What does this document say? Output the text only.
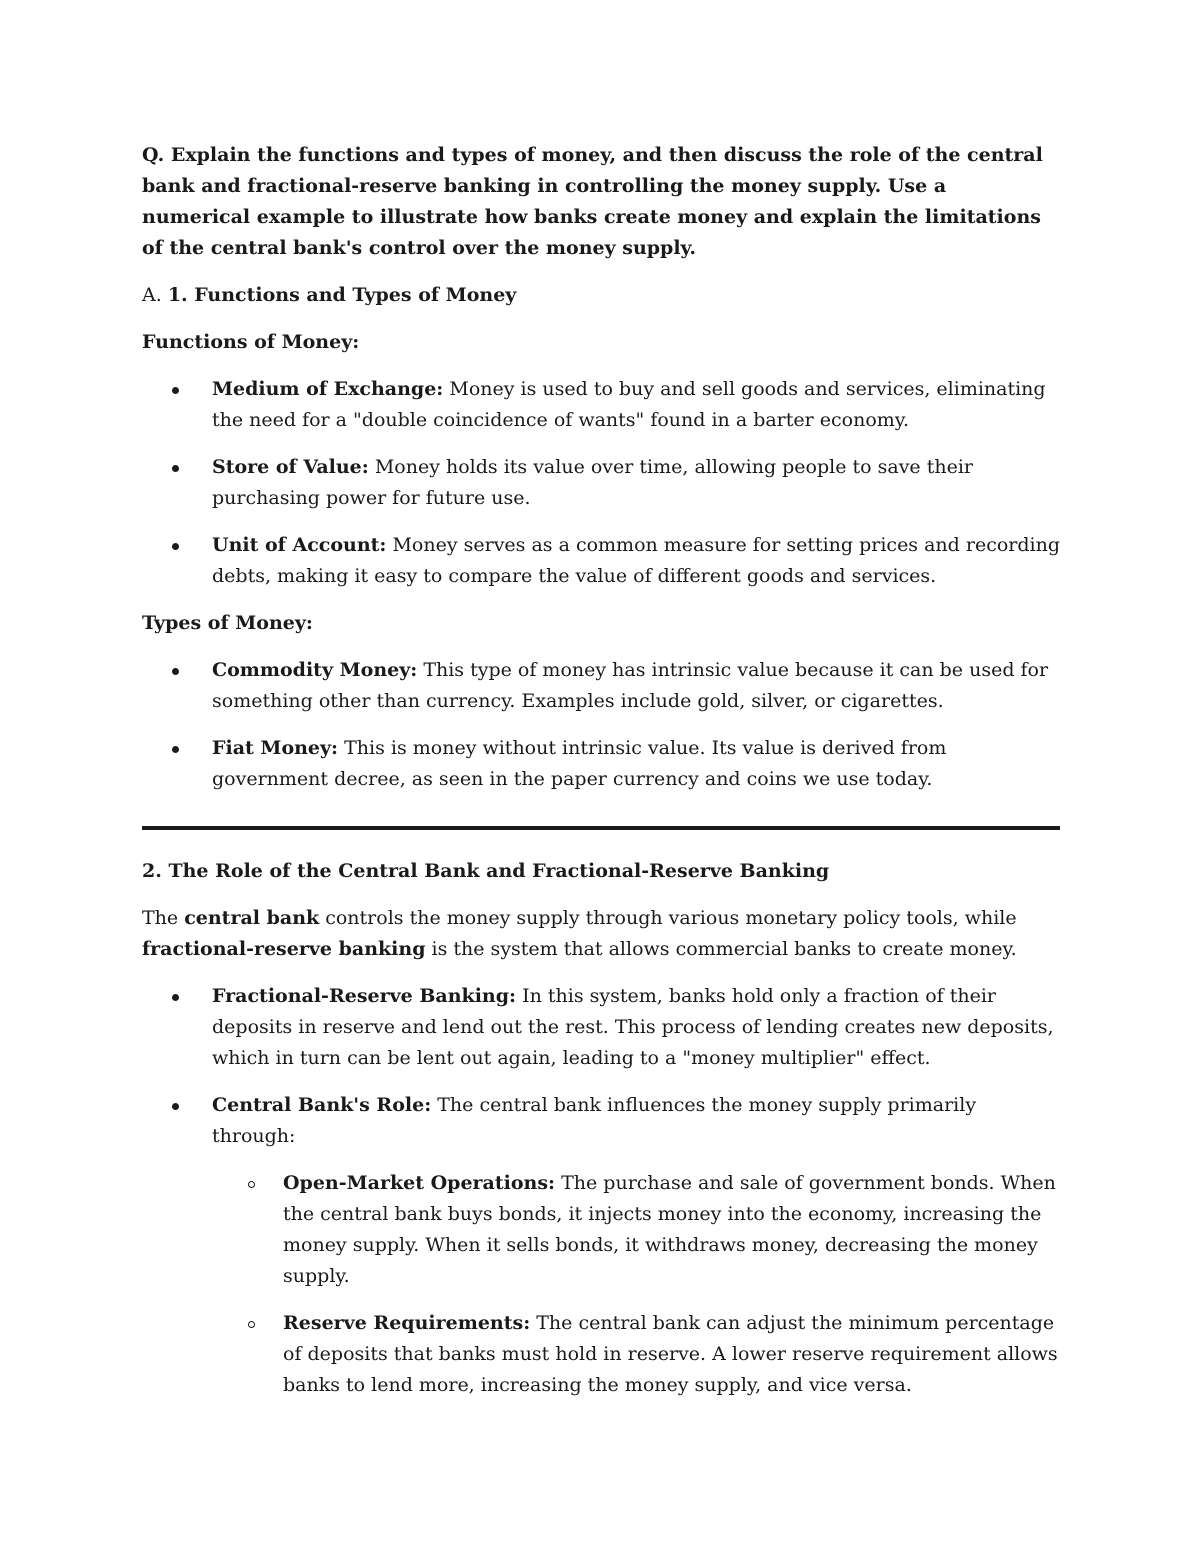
Q. Explain the functions and types of money, and then discuss the role of the central bank and fractional-reserve banking in controlling the money supply. Use a numerical example to illustrate how banks create money and explain the limitations of the central bank's control over the money supply.

A. 1. Functions and Types of Money

Functions of Money:

Medium of Exchange: Money is used to buy and sell goods and services, eliminating the need for a "double coincidence of wants" found in a barter economy.
Store of Value: Money holds its value over time, allowing people to save their purchasing power for future use.
Unit of Account: Money serves as a common measure for setting prices and recording debts, making it easy to compare the value of different goods and services.

Types of Money:

Commodity Money: This type of money has intrinsic value because it can be used for something other than currency. Examples include gold, silver, or cigarettes.
Fiat Money: This is money without intrinsic value. Its value is derived from government decree, as seen in the paper currency and coins we use today.

2. The Role of the Central Bank and Fractional-Reserve Banking

The central bank controls the money supply through various monetary policy tools, while fractional-reserve banking is the system that allows commercial banks to create money.

Fractional-Reserve Banking: In this system, banks hold only a fraction of their deposits in reserve and lend out the rest. This process of lending creates new deposits, which in turn can be lent out again, leading to a "money multiplier" effect.
Central Bank's Role: The central bank influences the money supply primarily through:
Open-Market Operations: The purchase and sale of government bonds. When the central bank buys bonds, it injects money into the economy, increasing the money supply. When it sells bonds, it withdraws money, decreasing the money supply.
Reserve Requirements: The central bank can adjust the minimum percentage of deposits that banks must hold in reserve. A lower reserve requirement allows banks to lend more, increasing the money supply, and vice versa.
